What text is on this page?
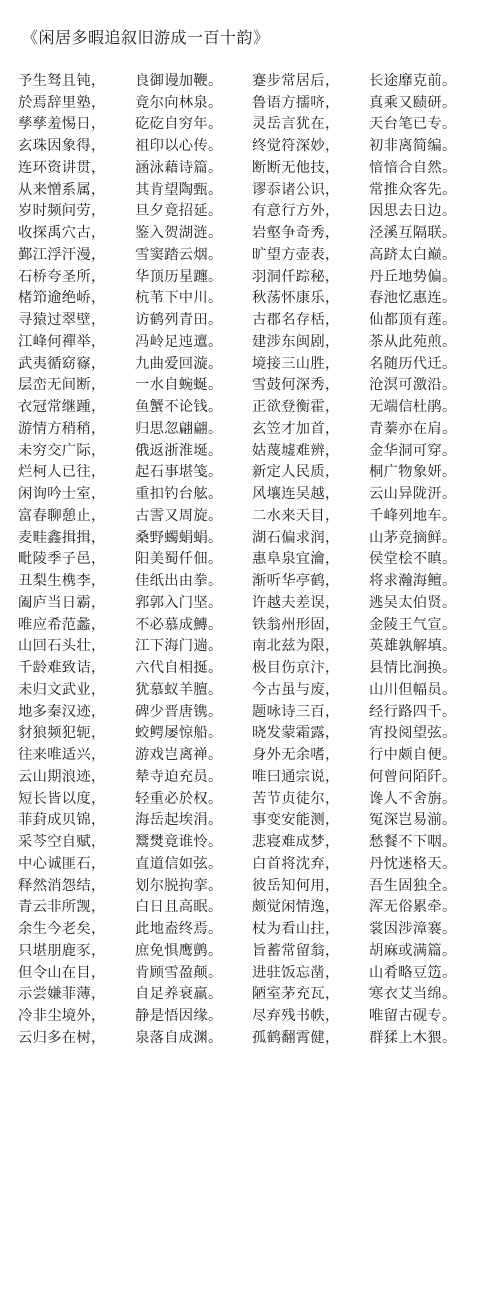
《闲居多暇追叙旧游成一百十韵》
予生驽且钝，	良御谩加鞭。	蹇步常居后，	长途靡克前。
於焉辞里塾，	竟尔向林泉。	鲁语方擩哜，	真乘又赜研。
孳孳羞惕日，	矻矻自穷年。	灵岳言犹在，	天台笔已专。
玄珠因象得，	祖印以心传。	终觉符深妙，	初非离简编。
连环资讲贯，	涵泳藉诗篇。	断断无他技，	愔愔合自然。
从来憎系属，	其肯望陶甄。	谬忝诸公识，	常推众客先。
岁时频问劳，	旦夕竟招延。	有意行方外，	因思去日边。
收探禹穴古，	鉴入贺湖涟。	岩壑争奇秀，	泾溪互隔联。
鄞江浮汗漫，	雪窦踏云烟。	旷望方壶表，	高跻太白巅。
石桥夸圣所，	华顶历星躔。	羽洞仟踪秘，	丹丘地势偏。
楮笻逾绝峤，	杭苇下中川。	秋荡怀康乐，	春池忆惠连。
寻猿过翠壁，	访鹤列青田。	古郡名存栝，	仙都顶有莲。
江峰何禪举，	冯岭足迍邅。	建涉东闽剧，	茶从此苑煎。
武夷循窈窱，	九曲爱回漩。	境接三山胜，	名随历代迁。
层峦无间断，	一水自蜿蜒。	雪鼓何深秀，	沧溟可激沿。
衣冠常继踵，	鱼蟹不论钱。	正欲登衡霍，	无端信杜鹃。
游情方稍稍，	归思忽翩翩。	玄笠才加首，	青蓁亦在肩。
未穷交广际，	俄返浙淮埏。	姑蔑墟难辨，	金华洞可穿。
烂柯人已往，	起石事堪笺。	新定人民质，	桐广物象妍。
闲询吟士室，	重扣钓台舷。	风壤连吴越，	云山异陇汧。
富春聊憩止，	古霅又周旋。	二水来天目，	千峰列地车。
麦畦鑫揖揖，	桑野蠋蜎蜎。	湖石偏求润，	山茅竞摘鲜。
毗陵季子邑，	阳美蜀仟佃。	惠阜泉宜瀹，	侯堂桧不瞋。
丑梨生槜李，	佳纸出由拳。	渐听华亭鹤，	将求瀚海鳣。
阖庐当日霸，	郛郭入门坚。	许越夫差误，	逃吴太伯贤。
唯应希范蠡，	不必慕成鱄。	铁翁州形固，	金陵王气宣。
山回石头壮，	江下海门遄。	南北兹为限，	英雄孰解填。
千龄难致诘，	六代自相挻。	极目伤京汴，	县情比涧换。
未归文武业，	犹慕蚁羊膻。	今古虽与废，	山川但幅员。
地多秦汉迹，	碑少晋唐镌。	题咏诗三百，	经行路四千。
豺狼频犯轭，	蛟鳄屡惊船。	晓发蒙霜露，	宵投阅望弦。
往来唯适兴，	游戏岂离禅。	身外无余嗜，	行中颇自便。
云山期浪迹，	辇寺迫充员。	唯曰通宗说，	何曾问陌阡。
短长皆以度，	轻重必於权。	苦节贞徒尔，	谗人不舍旃。
菲葑成贝锦，	海岳起埃涓。	事变安能测，	冤深岂易湔。
采芩空自赋，	鬵燓竟谁怜。	悲寝难成梦，	愁餐不下咽。
中心诚匪石，	直道信如弦。	白首将沈弃，	丹忱迷格天。
释然消怨结，	划尔脱拘挛。	彼岳知何用，	吾生固独全。
青云非所觊，	白日且高眠。	颇觉闲情逸，	浑无俗累牵。
余生今老矣，	此地盍终焉。	杖为看山拄，	裳因涉漳褰。
只堪朋鹿豕，	庶免惧鹰鹯。	旨蓄常留翁，	胡麻或满篇。
但令山在目，	肯顾雪盈颠。	进驻饭忘凿，	山肴略豆笾。
示尝嫌菲薄，	自足养衰羸。	陋室茅充瓦，	寒衣艾当绵。
冷非尘境外，	静是悟因缘。	尽弃残书帙，	唯留古砚专。
云归多在树，	泉落自成渊。	孤鹤翻霄健，	群猱上木猥。
